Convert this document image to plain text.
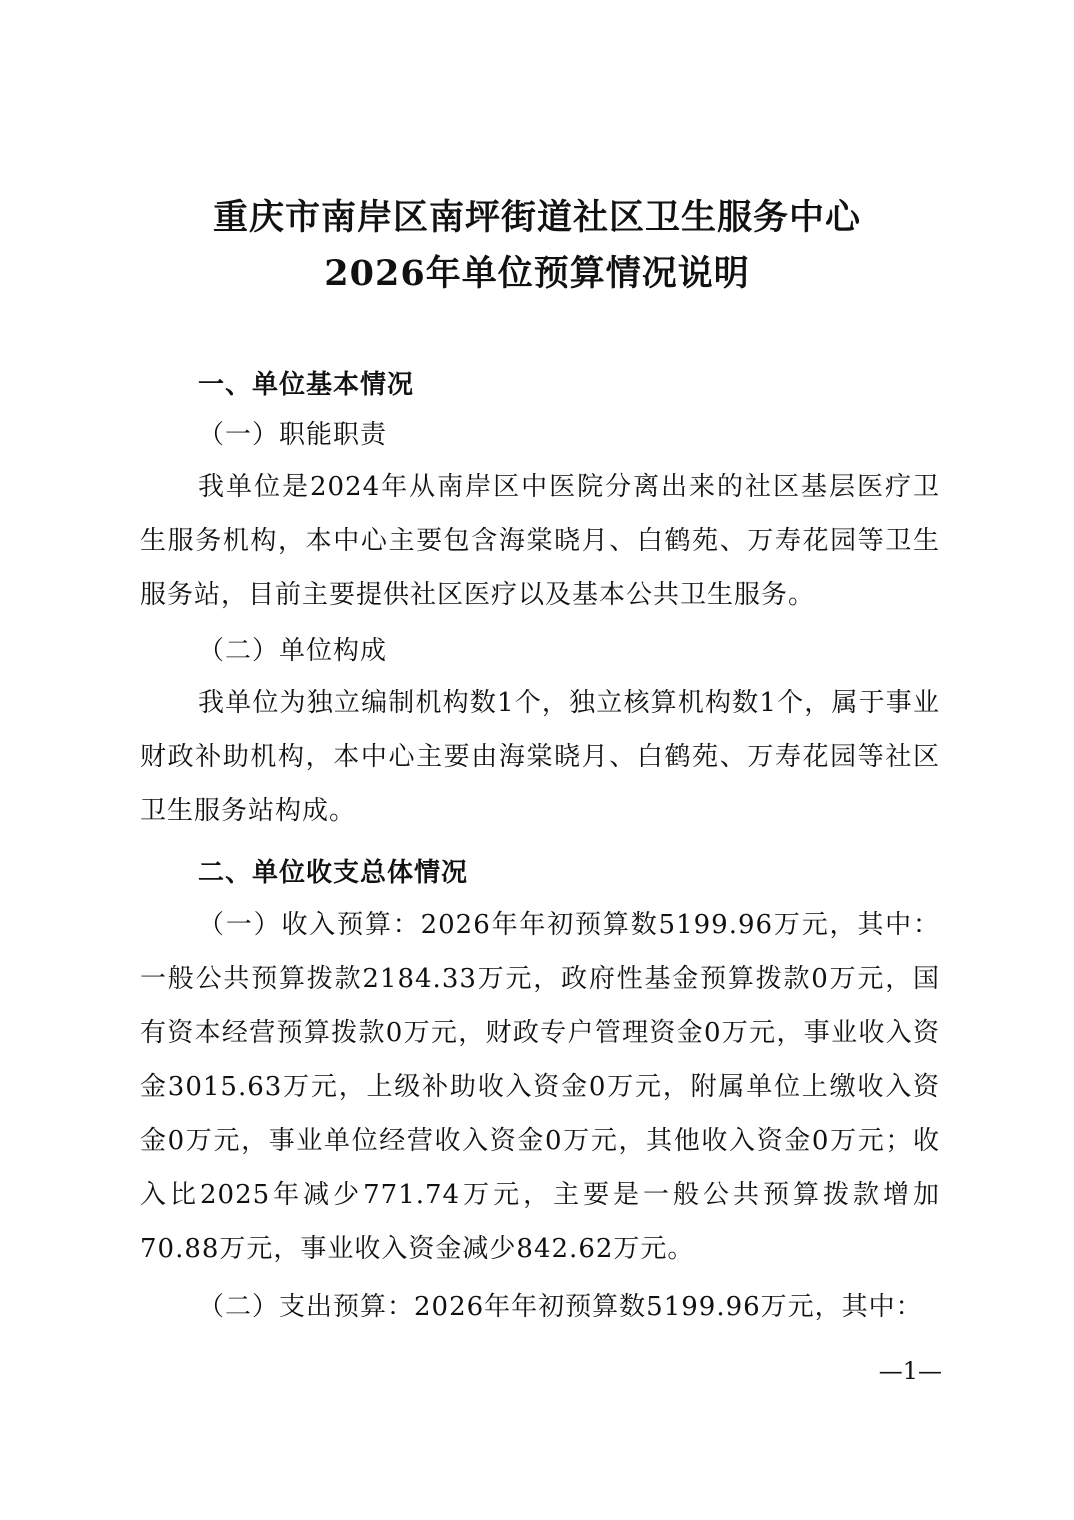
重庆市南岸区南坪街道社区卫生服务中心
2026年单位预算情况说明
一、单位基本情况
（一）职能职责

我单位是2024年从南岸区中医院分离出来的社区基层医疗卫生服务机构，本中心主要包含海棠晓月、白鹤苑、万寿花园等卫生服务站，目前主要提供社区医疗以及基本公共卫生服务。

（二）单位构成

我单位为独立编制机构数1个，独立核算机构数1个，属于事业财政补助机构，本中心主要由海棠晓月、白鹤苑、万寿花园等社区卫生服务站构成。

二、单位收支总体情况

（一）收入预算：2026年年初预算数5199.96万元，其中：一般公共预算拨款2184.33万元，政府性基金预算拨款0万元，国有资本经营预算拨款0万元，财政专户管理资金0万元，事业收入资金3015.63万元，上级补助收入资金0万元，附属单位上缴收入资金0万元，事业单位经营收入资金0万元，其他收入资金0万元；收入比2025年减少771.74万元，主要是一般公共预算拨款增加70.88万元，事业收入资金减少842.62万元。

（二）支出预算：2026年年初预算数5199.96万元，其中：

—1—
